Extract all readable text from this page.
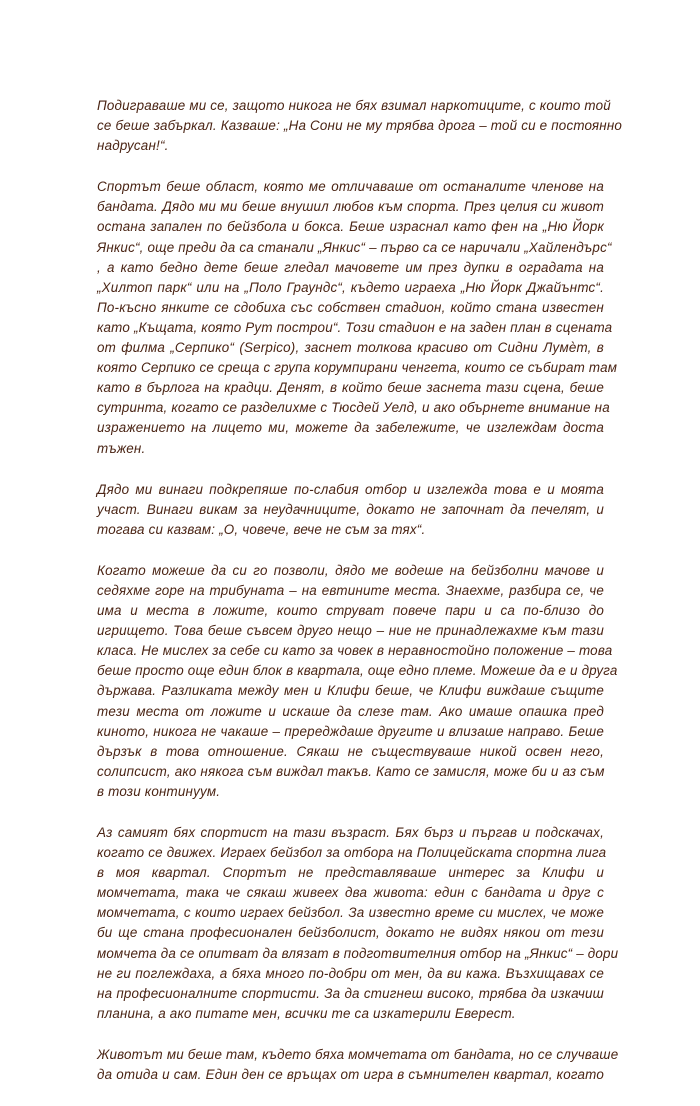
Подиграваше ми се, защото никога не бях взимал наркотиците, с които той
се беше забъркал. Казваше: „На Сони не му трябва дрога – той си е постоянно
надрусан!“.

Спортът беше област, която ме отличаваше от останалите членове на
бандата. Дядо ми ми беше внушил любов към спорта. През целия си живот
остана запален по бейзбола и бокса. Беше израснал като фен на „Ню Йорк
Янкис“, още преди да са станали „Янкис“ – първо са се наричали „Хайлендърс“
, а като бедно дете беше гледал мачовете им през дупки в оградата на
„Хилтоп парк“ или на „Поло Граундс“, където играеха „Ню Йорк Джайънтс“.
По-късно янките се сдобиха със собствен стадион, който стана известен
като „Къщата, която Рут построи“. Този стадион е на заден план в сцената
от филма „Серпико“ (Serpico), заснет толкова красиво от Сидни Лумѐт, в
която Серпико се среща с група корумпирани ченгета, които се събират там
като в бърлога на крадци. Денят, в който беше заснета тази сцена, беше
сутринта, когато се разделихме с Тюсдей Уелд, и ако обърнете внимание на
изражението на лицето ми, можете да забележите, че изглеждам доста
тъжен.

Дядо ми винаги подкрепяше по-слабия отбор и изглежда това е и моята
участ. Винаги викам за неудачниците, докато не започнат да печелят, и
тогава си казвам: „О, човече, вече не съм за тях“.

Когато можеше да си го позволи, дядо ме водеше на бейзболни мачове и
седяхме горе на трибуната – на евтините места. Знаехме, разбира се, че
има и места в ложите, които струват повече пари и са по-близо до
игрището. Това беше съвсем друго нещо – ние не принадлежахме към тази
класа. Не мислех за себе си като за човек в неравностойно положение – това
беше просто още един блок в квартала, още едно племе. Можеше да е и друга
държава. Разликата между мен и Клифи беше, че Клифи виждаше същите
тези места от ложите и искаше да слезе там. Ако имаше опашка пред
киното, никога не чакаше – прередждаше другите и влизаше направо. Беше
дързък в това отношение. Сякаш не съществуваше никой освен него,
солипсист, ако някога съм виждал такъв. Като се замисля, може би и аз съм
в този континуум.

Аз самият бях спортист на тази възраст. Бях бърз и пъргав и подскачах,
когато се движех. Играех бейзбол за отбора на Полицейската спортна лига
в моя квартал. Спортът не представляваше интерес за Клифи и
момчетата, така че сякаш живеех два живота: един с бандата и друг с
момчетата, с които играех бейзбол. За известно време си мислех, че може
би ще стана професионален бейзболист, докато не видях някои от тези
момчета да се опитват да влязат в подготвителния отбор на „Янкис“ – дори
не ги поглеждаха, а бяха много по-добри от мен, да ви кажа. Възхищавах се
на професионалните спортисти. За да стигнеш високо, трябва да изкачиш
планина, а ако питате мен, всички те са изкатерили Еверест.

Животът ми беше там, където бяха момчетата от бандата, но се случваше
да отида и сам. Един ден се връщах от игра в съмнителен квартал, когато
